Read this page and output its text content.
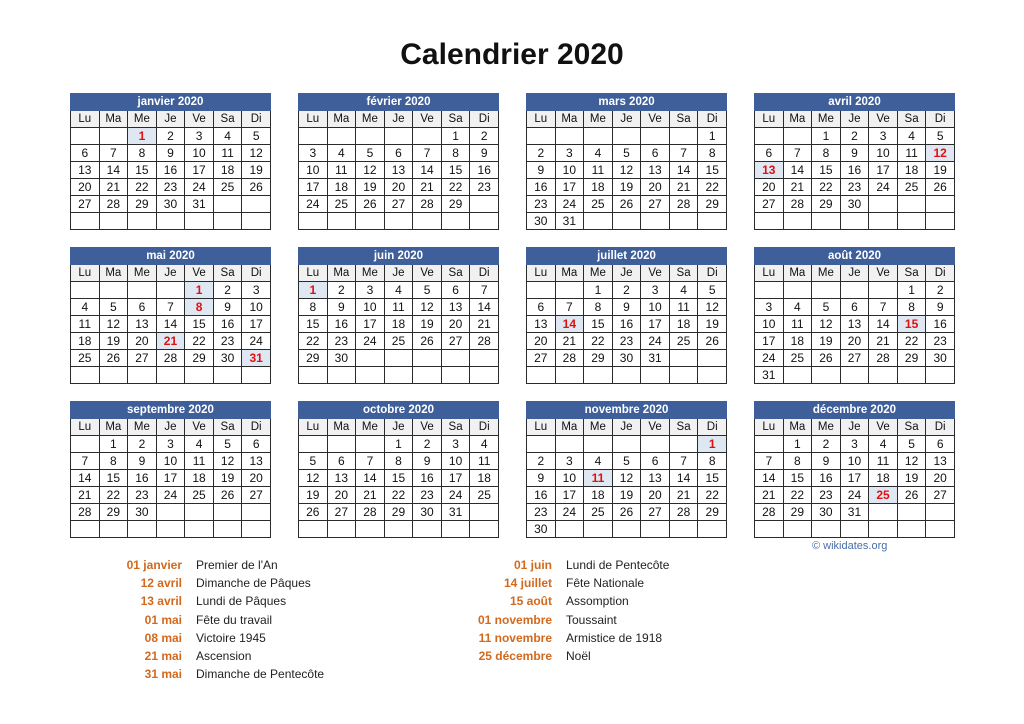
Calendrier 2020
janvier 2020						
Lu	Ma	Me	Je	Ve	Sa	Di
		1	2	3	4	5
6	7	8	9	10	11	12
13	14	15	16	17	18	19
20	21	22	23	24	25	26
27	28	29	30	31		

février 2020						
Lu	Ma	Me	Je	Ve	Sa	Di
					1	2
3	4	5	6	7	8	9
10	11	12	13	14	15	16
17	18	19	20	21	22	23
24	25	26	27	28	29	

mars 2020						
Lu	Ma	Me	Je	Ve	Sa	Di
						1
2	3	4	5	6	7	8
9	10	11	12	13	14	15
16	17	18	19	20	21	22
23	24	25	26	27	28	29
30	31					
avril 2020						
Lu	Ma	Me	Je	Ve	Sa	Di
		1	2	3	4	5
6	7	8	9	10	11	12
13	14	15	16	17	18	19
20	21	22	23	24	25	26
27	28	29	30			

mai 2020						
Lu	Ma	Me	Je	Ve	Sa	Di
				1	2	3
4	5	6	7	8	9	10
11	12	13	14	15	16	17
18	19	20	21	22	23	24
25	26	27	28	29	30	31

juin 2020						
Lu	Ma	Me	Je	Ve	Sa	Di
1	2	3	4	5	6	7
8	9	10	11	12	13	14
15	16	17	18	19	20	21
22	23	24	25	26	27	28
29	30					

juillet 2020						
Lu	Ma	Me	Je	Ve	Sa	Di
		1	2	3	4	5
6	7	8	9	10	11	12
13	14	15	16	17	18	19
20	21	22	23	24	25	26
27	28	29	30	31		

août 2020						
Lu	Ma	Me	Je	Ve	Sa	Di
					1	2
3	4	5	6	7	8	9
10	11	12	13	14	15	16
17	18	19	20	21	22	23
24	25	26	27	28	29	30
31						
septembre 2020						
Lu	Ma	Me	Je	Ve	Sa	Di
	1	2	3	4	5	6
7	8	9	10	11	12	13
14	15	16	17	18	19	20
21	22	23	24	25	26	27
28	29	30				

octobre 2020						
Lu	Ma	Me	Je	Ve	Sa	Di
			1	2	3	4
5	6	7	8	9	10	11
12	13	14	15	16	17	18
19	20	21	22	23	24	25
26	27	28	29	30	31	

novembre 2020						
Lu	Ma	Me	Je	Ve	Sa	Di
						1
2	3	4	5	6	7	8
9	10	11	12	13	14	15
16	17	18	19	20	21	22
23	24	25	26	27	28	29
30						
décembre 2020						
Lu	Ma	Me	Je	Ve	Sa	Di
	1	2	3	4	5	6
7	8	9	10	11	12	13
14	15	16	17	18	19	20
21	22	23	24	25	26	27
28	29	30	31			

01 janvier	Premier de l'An
12 avril	Dimanche de Pâques
13 avril	Lundi de Pâques
01 mai	Fête du travail
08 mai	Victoire 1945
21 mai	Ascension
31 mai	Dimanche de Pentecôte
01 juin	Lundi de Pentecôte
14 juillet	Fête Nationale
15 août	Assomption
01 novembre	Toussaint
11 novembre	Armistice de 1918
25 décembre	Noël
© wikidates.org
